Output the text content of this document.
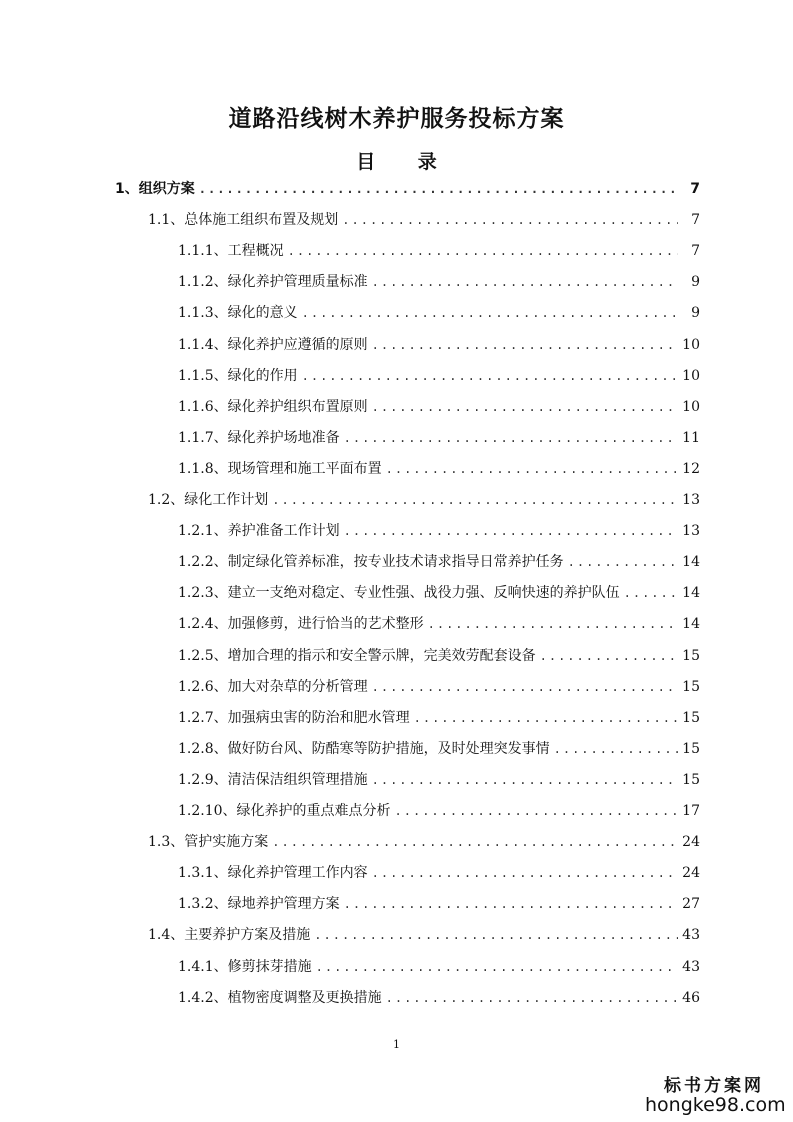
道路沿线树木养护服务投标方案
目 录
1、组织方案 .....	7
1.1、总体施工组织布置及规划 .....	7
1.1.1、工程概况 .....	7
1.1.2、绿化养护管理质量标准 .....	9
1.1.3、绿化的意义 .....	9
1.1.4、绿化养护应遵循的原则 .....	10
1.1.5、绿化的作用 .....	10
1.1.6、绿化养护组织布置原则 .....	10
1.1.7、绿化养护场地准备 .....	11
1.1.8、现场管理和施工平面布置 .....	12
1.2、绿化工作计划 .....	13
1.2.1、养护准备工作计划 .....	13
1.2.2、制定绿化管养标准，按专业技术请求指导日常养护任务 .....	14
1.2.3、建立一支绝对稳定、专业性强、战役力强、反响快速的养护队伍 .....	14
1.2.4、加强修剪，进行恰当的艺术整形 .....	14
1.2.5、增加合理的指示和安全警示牌，完美效劳配套设备 .....	15
1.2.6、加大对杂草的分析管理 .....	15
1.2.7、加强病虫害的防治和肥水管理 .....	15
1.2.8、做好防台风、防酷寒等防护措施，及时处理突发事情 .....	15
1.2.9、清洁保洁组织管理措施 .....	15
1.2.10、绿化养护的重点难点分析 .....	17
1.3、管护实施方案 .....	24
1.3.1、绿化养护管理工作内容 .....	24
1.3.2、绿地养护管理方案 .....	27
1.4、主要养护方案及措施 .....	43
1.4.1、修剪抹芽措施 .....	43
1.4.2、植物密度调整及更换措施 .....	46
1
标书方案网
hongke98.com
